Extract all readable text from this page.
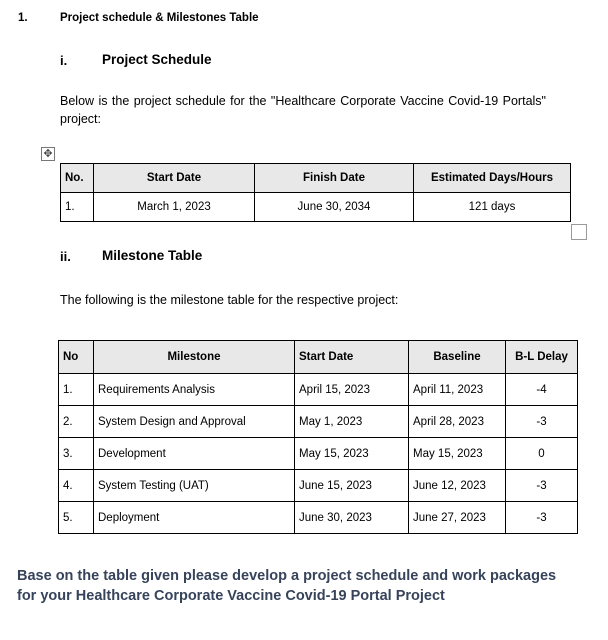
1.	Project schedule & Milestones Table
i.	Project Schedule
Below is the project schedule for the "Healthcare Corporate Vaccine Covid-19 Portals" project:
✥
No.	Start Date	Finish Date	Estimated Days/Hours
1.	March 1, 2023	June 30, 2034	121 days
ii. Milestone Table
The following is the milestone table for the respective project:
No	Milestone	Start Date	Baseline	B-L Delay
1.	Requirements Analysis	April 15, 2023	April 11, 2023	-4
2.	System Design and Approval	May 1, 2023	April 28, 2023	-3
3.	Development	May 15, 2023	May 15, 2023	0
4.	System Testing (UAT)	June 15, 2023	June 12, 2023	-3
5.	Deployment	June 30, 2023	June 27, 2023	-3
Base on the table given please develop a project schedule and work packages for your Healthcare Corporate Vaccine Covid-19 Portal Project
